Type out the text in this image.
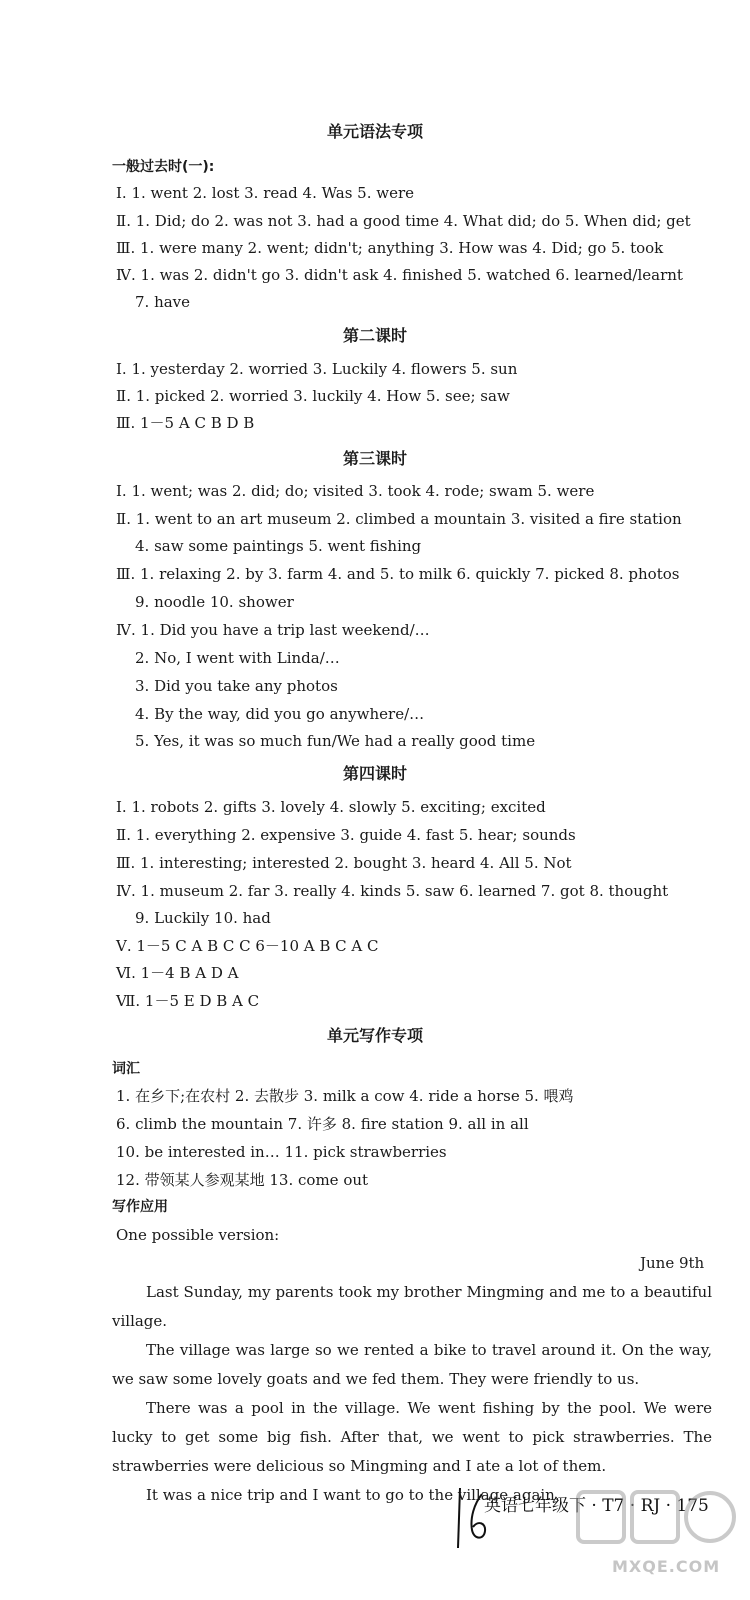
单元语法专项
一般过去时(一):
Ⅰ. 1. went 2. lost 3. read 4. Was 5. were
Ⅱ. 1. Did; do 2. was not 3. had a good time 4. What did; do 5. When did; get
Ⅲ. 1. were many 2. went; didn't; anything 3. How was 4. Did; go 5. took
Ⅳ. 1. was 2. didn't go 3. didn't ask 4. finished 5. watched 6. learned/learnt
7. have
第二课时
Ⅰ. 1. yesterday 2. worried 3. Luckily 4. flowers 5. sun
Ⅱ. 1. picked 2. worried 3. luckily 4. How 5. see; saw
Ⅲ. 1－5 A C B D B
第三课时
Ⅰ. 1. went; was 2. did; do; visited 3. took 4. rode; swam 5. were
Ⅱ. 1. went to an art museum 2. climbed a mountain 3. visited a fire station
4. saw some paintings 5. went fishing
Ⅲ. 1. relaxing 2. by 3. farm 4. and 5. to milk 6. quickly 7. picked 8. photos
9. noodle 10. shower
Ⅳ. 1. Did you have a trip last weekend/…
2. No, I went with Linda/…
3. Did you take any photos
4. By the way, did you go anywhere/…
5. Yes, it was so much fun/We had a really good time
第四课时
Ⅰ. 1. robots 2. gifts 3. lovely 4. slowly 5. exciting; excited
Ⅱ. 1. everything 2. expensive 3. guide 4. fast 5. hear; sounds
Ⅲ. 1. interesting; interested 2. bought 3. heard 4. All 5. Not
Ⅳ. 1. museum 2. far 3. really 4. kinds 5. saw 6. learned 7. got 8. thought
9. Luckily 10. had
Ⅴ. 1－5 C A B C C 6－10 A B C A C
Ⅵ. 1－4 B A D A
Ⅶ. 1－5 E D B A C
单元写作专项
词汇
1. 在乡下;在农村 2. 去散步 3. milk a cow 4. ride a horse 5. 喂鸡
6. climb the mountain 7. 许多 8. fire station 9. all in all
10. be interested in… 11. pick strawberries
12. 带领某人参观某地 13. come out
写作应用
One possible version:
June 9th

Last Sunday, my parents took my brother Mingming and me to a beautiful village.

The village was large so we rented a bike to travel around it. On the way, we saw some lovely goats and we fed them. They were friendly to us.

There was a pool in the village. We went fishing by the pool. We were lucky to get some big fish. After that, we went to pick strawberries. The strawberries were delicious so Mingming and I ate a lot of them.

It was a nice trip and I want to go to the village again.

英语七年级下 · T7 · RJ · 175
MXQE.COM
